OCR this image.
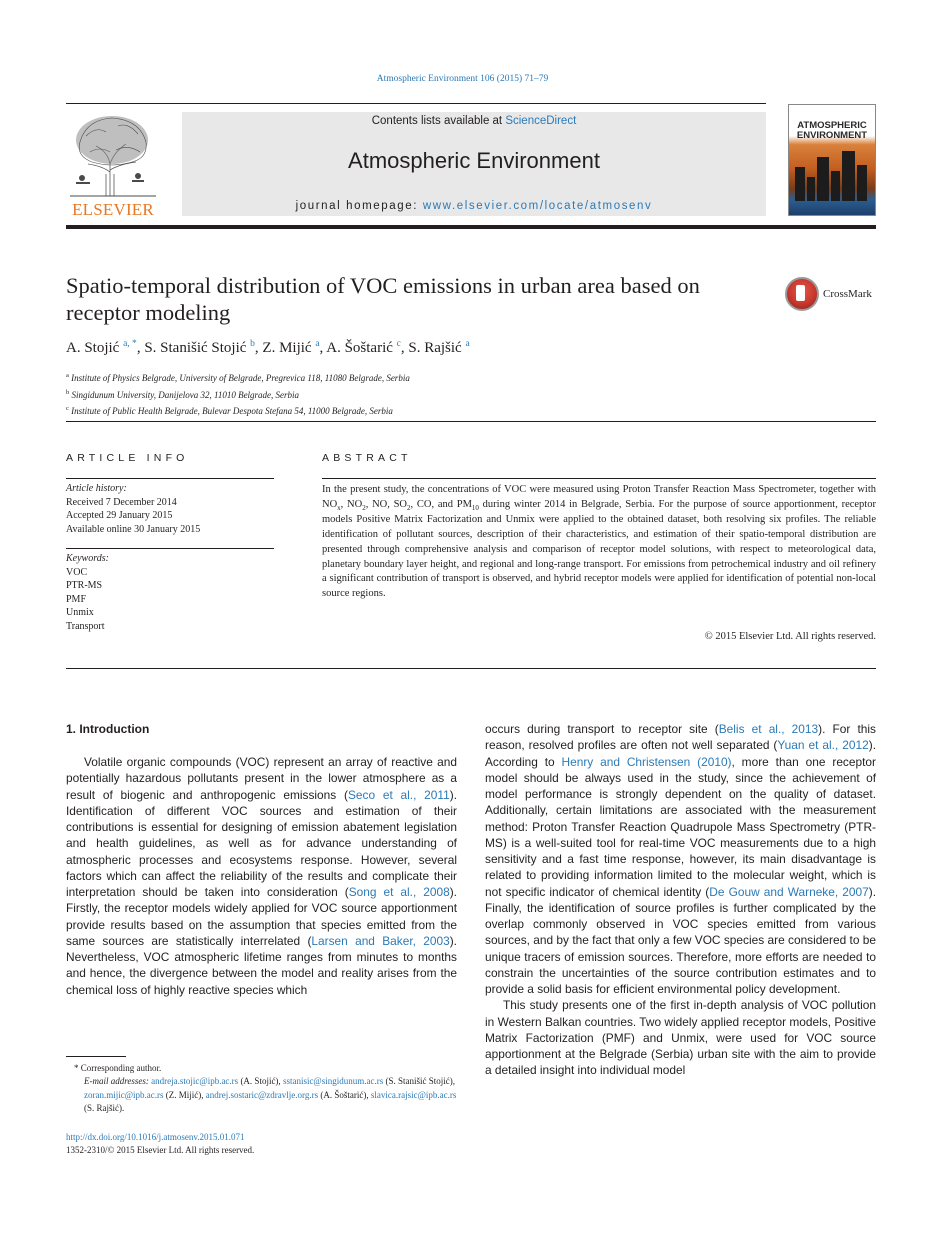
Atmospheric Environment 106 (2015) 71–79
ELSEVIER
Contents lists available at ScienceDirect
Atmospheric Environment
journal homepage: www.elsevier.com/locate/atmosenv
ATMOSPHERIC
ENVIRONMENT
Spatio-temporal distribution of VOC emissions in urban area based on receptor modeling
CrossMark
A. Stojić $^{a, *}$, S. Stanišić Stojić $^b$, Z. Mijić $^a$, A. Šoštarić $^c$, S. Rajšić $^a$
$^a$ Institute of Physics Belgrade, University of Belgrade, Pregrevica 118, 11080 Belgrade, Serbia
$^b$ Singidunum University, Danijelova 32, 11010 Belgrade, Serbia
$^c$ Institute of Public Health Belgrade, Bulevar Despota Stefana 54, 11000 Belgrade, Serbia
ARTICLE INFO
Article history:
Received 7 December 2014
Accepted 29 January 2015
Available online 30 January 2015
Keywords:
VOC
PTR-MS
PMF
Unmix
Transport
ABSTRACT
In the present study, the concentrations of VOC were measured using Proton Transfer Reaction Mass Spectrometer, together with $NO_x$, $NO_2$, NO, $SO_2$, CO, and $PM_{10}$ during winter 2014 in Belgrade, Serbia. For the purpose of source apportionment, receptor models Positive Matrix Factorization and Unmix were applied to the obtained dataset, both resolving six profiles. The reliable identification of pollutant sources, description of their characteristics, and estimation of their spatio-temporal distribution are presented through comprehensive analysis and comparison of receptor model solutions, with respect to meteorological data, planetary boundary layer height, and regional and long-range transport. For emissions from petrochemical industry and oil refinery a significant contribution of transport is observed, and hybrid receptor models were applied for identification of potential non-local source regions.
© 2015 Elsevier Ltd. All rights reserved.
1. Introduction

Volatile organic compounds (VOC) represent an array of reactive and potentially hazardous pollutants present in the lower atmosphere as a result of biogenic and anthropogenic emissions (Seco et al., 2011). Identification of different VOC sources and estimation of their contributions is essential for designing of emission abatement legislation and health guidelines, as well as for advance understanding of atmospheric processes and ecosystems response. However, several factors which can affect the reliability of the results and complicate their interpretation should be taken into consideration (Song et al., 2008). Firstly, the receptor models widely applied for VOC source apportionment provide results based on the assumption that species emitted from the same sources are statistically interrelated (Larsen and Baker, 2003). Nevertheless, VOC atmospheric lifetime ranges from minutes to months and hence, the divergence between the model and reality arises from the chemical loss of highly reactive species which

occurs during transport to receptor site (Belis et al., 2013). For this reason, resolved profiles are often not well separated (Yuan et al., 2012). According to Henry and Christensen (2010), more than one receptor model should be always used in the study, since the achievement of model performance is strongly dependent on the quality of dataset. Additionally, certain limitations are associated with the measurement method: Proton Transfer Reaction Quadrupole Mass Spectrometry (PTR-MS) is a well-suited tool for real-time VOC measurements due to a high sensitivity and a fast time response, however, its main disadvantage is related to providing information limited to the molecular weight, which is not specific indicator of chemical identity (De Gouw and Warneke, 2007). Finally, the identification of source profiles is further complicated by the overlap commonly observed in VOC species emitted from various sources, and by the fact that only a few VOC species are considered to be unique tracers of emission sources. Therefore, more efforts are needed to constrain the uncertainties of the source contribution estimates and to provide a solid basis for efficient environmental policy development.

This study presents one of the first in-depth analysis of VOC pollution in Western Balkan countries. Two widely applied receptor models, Positive Matrix Factorization (PMF) and Unmix, were used for VOC source apportionment at the Belgrade (Serbia) urban site with the aim to provide a detailed insight into individual model

* Corresponding author.
E-mail addresses: andreja.stojic@ipb.ac.rs (A. Stojić), sstanisic@singidunum.ac.rs (S. Stanišić Stojić), zoran.mijic@ipb.ac.rs (Z. Mijić), andrej.sostaric@zdravlje.org.rs (A. Šoštarić), slavica.rajsic@ipb.ac.rs (S. Rajšić).
http://dx.doi.org/10.1016/j.atmosenv.2015.01.071
1352-2310/© 2015 Elsevier Ltd. All rights reserved.
